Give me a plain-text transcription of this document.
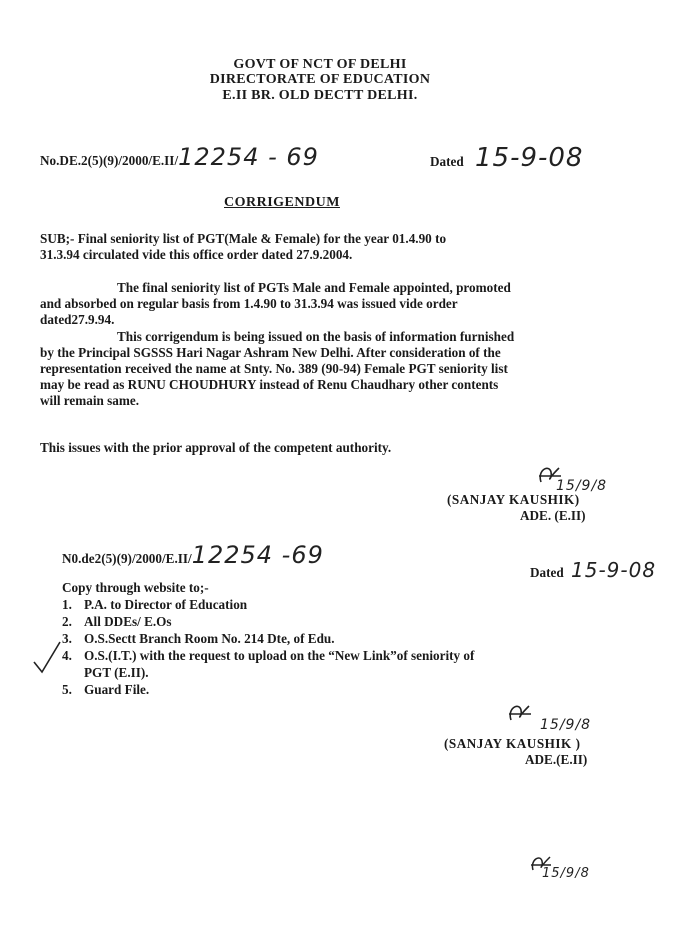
GOVT OF NCT OF DELHI
DIRECTORATE OF EDUCATION
E.II BR. OLD DECTT DELHI.
No.DE.2(5)(9)/2000/E.II/12254 - 69	Dated 15-9-08
CORRIGENDUM
SUB;- Final seniority list of PGT(Male & Female) for the year 01.4.90 to
31.3.94 circulated vide this office order dated 27.9.2004.
The final seniority list of PGTs Male and Female appointed, promoted
and absorbed on regular basis from 1.4.90 to 31.3.94 was issued vide order
dated27.9.94.
This corrigendum is being issued on the basis of information furnished
by the Principal SGSSS Hari Nagar Ashram New Delhi. After consideration of the
representation received the name at Snty. No. 389 (90-94) Female PGT seniority list
may be read as RUNU CHOUDHURY instead of Renu Chaudhary other contents
will remain same.
This issues with the prior approval of the competent authority.
15/9/8
(SANJAY KAUSHIK)
ADE. (E.II)
N0.de2(5)(9)/2000/E.II/12254 -69
Dated 15-9-08
Copy through website to;-
1. P.A. to Director of Education
2. All DDEs/ E.Os
3. O.S.Sectt Branch Room No. 214 Dte, of Edu.
4. O.S.(I.T.) with the request to upload on the “New Link”of seniority of
PGT (E.II).
5. Guard File.
15/9/8
(SANJAY KAUSHIK )
ADE.(E.II)
15/9/8
